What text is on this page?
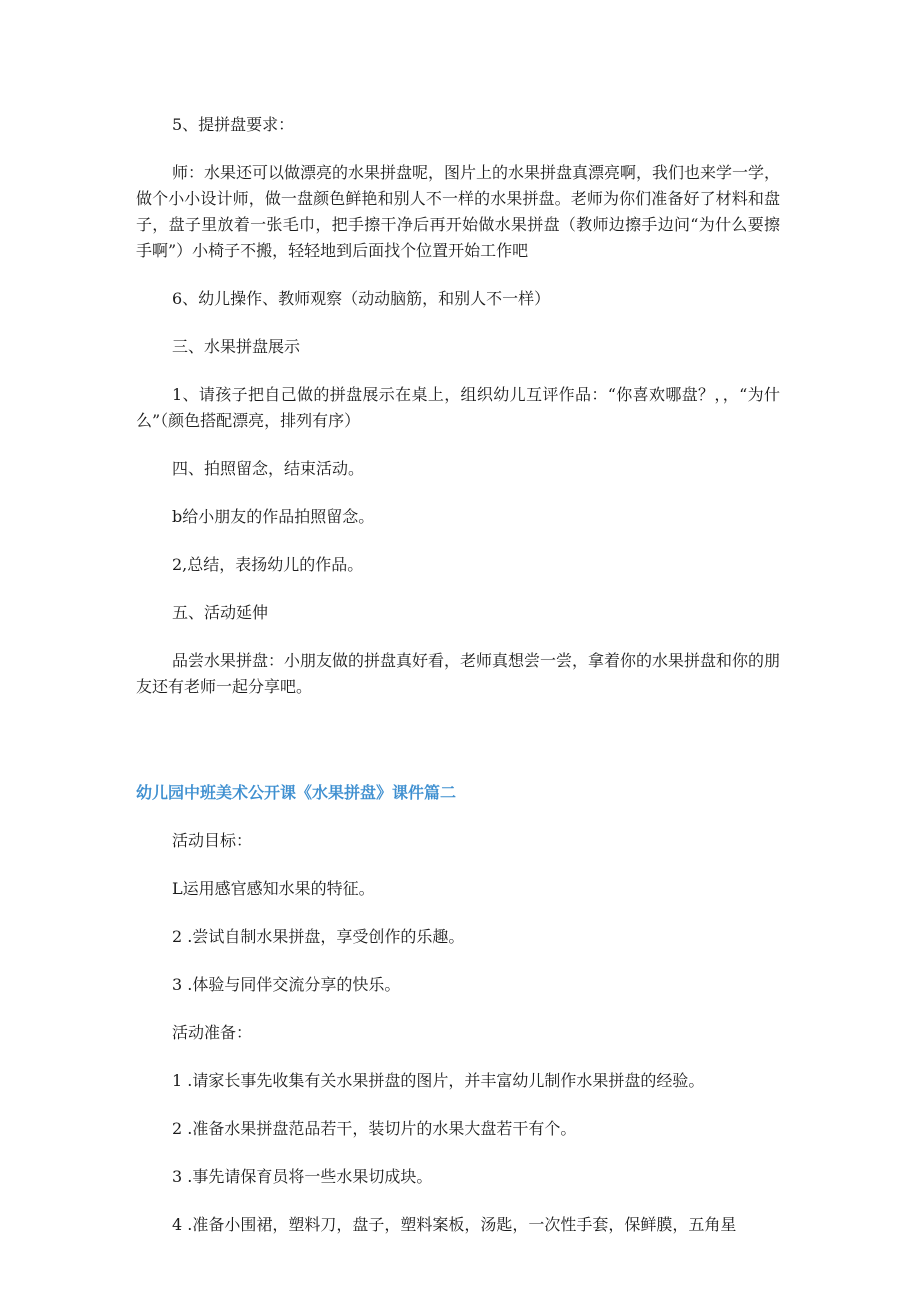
5、提拼盘要求：

师：水果还可以做漂亮的水果拼盘呢，图片上的水果拼盘真漂亮啊，我们也来学一学，做个小小设计师，做一盘颜色鲜艳和别人不一样的水果拼盘。老师为你们准备好了材料和盘子，盘子里放着一张毛巾，把手擦干净后再开始做水果拼盘（教师边擦手边问“为什么要擦手啊”）小椅子不搬，轻轻地到后面找个位置开始工作吧

6、幼儿操作、教师观察（动动脑筋，和别人不一样）

三、水果拼盘展示

1、请孩子把自己做的拼盘展示在桌上，组织幼儿互评作品：“你喜欢哪盘？，，“为什么”（颜色搭配漂亮，排列有序）

四、拍照留念，结束活动。

b给小朋友的作品拍照留念。

2,总结，表扬幼儿的作品。

五、活动延伸

品尝水果拼盘：小朋友做的拼盘真好看，老师真想尝一尝，拿着你的水果拼盘和你的朋友还有老师一起分享吧。

幼儿园中班美术公开课《水果拼盘》课件篇二

活动目标：

L运用感官感知水果的特征。

2 .尝试自制水果拼盘，享受创作的乐趣。

3 .体验与同伴交流分享的快乐。

活动准备：

1 .请家长事先收集有关水果拼盘的图片，并丰富幼儿制作水果拼盘的经验。

2 .准备水果拼盘范品若干，装切片的水果大盘若干有个。

3 .事先请保育员将一些水果切成块。

4 .准备小围裙，塑料刀，盘子，塑料案板，汤匙，一次性手套，保鲜膜，五角星
